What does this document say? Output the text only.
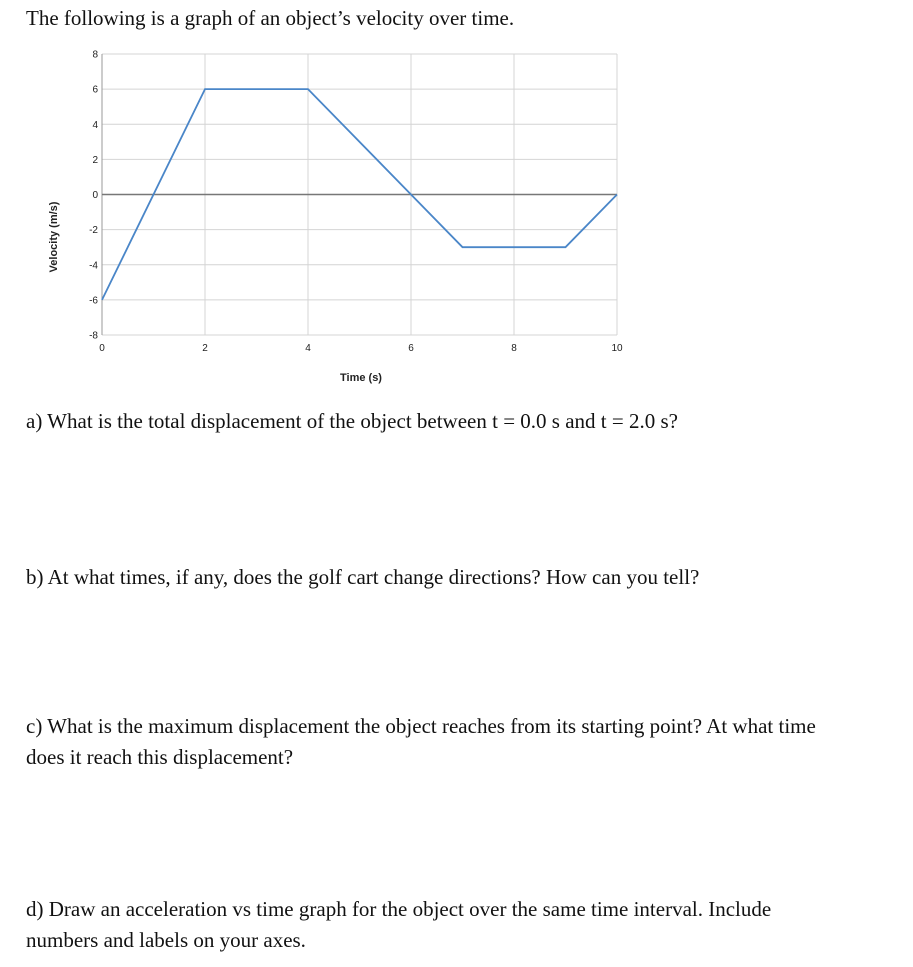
The following is a graph of an object’s velocity over time.

8
6
4
2
0
-2
-4
-6
-8
0	2	4	6	8	10
Time (s)
Velocity (m/s)

a) What is the total displacement of the object between t = 0.0 s and t = 2.0 s?

b) At what times, if any, does the golf cart change directions? How can you tell?

c) What is the maximum displacement the object reaches from its starting point? At what time

does it reach this displacement?

d) Draw an acceleration vs time graph for the object over the same time interval. Include

numbers and labels on your axes.
